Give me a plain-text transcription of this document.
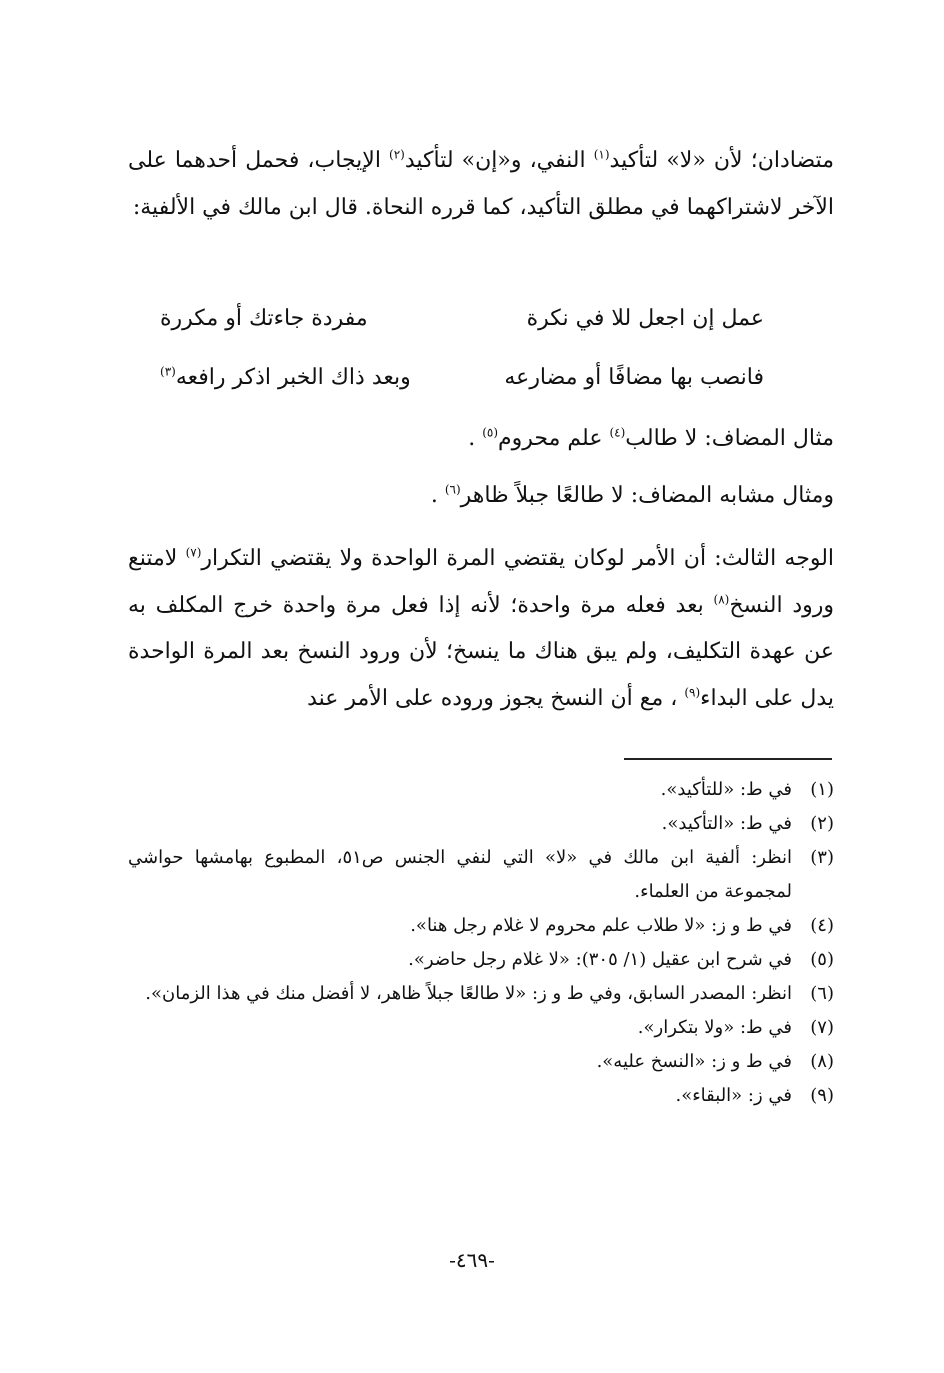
متضادان؛ لأن «لا» لتأكيد$^{(١)}$ النفي، و«إن» لتأكيد$^{(٢)}$ الإيجاب، فحمل أحدهما على الآخر لاشتراكهما في مطلق التأكيد، كما قرره النحاة. قال ابن مالك في الألفية:

عمل إن اجعل للا في نكرة
مفردة جاءتك أو مكررة
فانصب بها مضافًا أو مضارعه
وبعد ذاك الخبر اذكر رافعه$^{(٣)}$
مثال المضاف: لا طالب$^{(٤)}$ علم محروم$^{(٥)}$ .
ومثال مشابه المضاف: لا طالعًا جبلاً ظاهر$^{(٦)}$ .
الوجه الثالث: أن الأمر لوكان يقتضي المرة الواحدة ولا يقتضي التكرار$^{(٧)}$ لامتنع ورود النسخ$^{(٨)}$ بعد فعله مرة واحدة؛ لأنه إذا فعل مرة واحدة خرج المكلف به عن عهدة التكليف، ولم يبق هناك ما ينسخ؛ لأن ورود النسخ بعد المرة الواحدة يدل على البداء$^{(٩)}$ ، مع أن النسخ يجوز وروده على الأمر عند

(١)
في ط: «للتأكيد».

(٢)
في ط: «التأكيد».

(٣)
انظر: ألفية ابن مالك في «لا» التي لنفي الجنس ص٥١، المطبوع بهامشها حواشي لمجموعة من العلماء.

(٤)
في ط و ز: «لا طلاب علم محروم لا غلام رجل هنا».

(٥)
في شرح ابن عقيل (١/ ٣٠٥): «لا غلام رجل حاضر».

(٦)
انظر: المصدر السابق، وفي ط و ز: «لا طالعًا جبلاً ظاهر، لا أفضل منك في هذا الزمان».

(٧)
في ط: «ولا بتكرار».

(٨)
في ط و ز: «النسخ عليه».

(٩)
في ز: «البقاء».

-٤٦٩-
